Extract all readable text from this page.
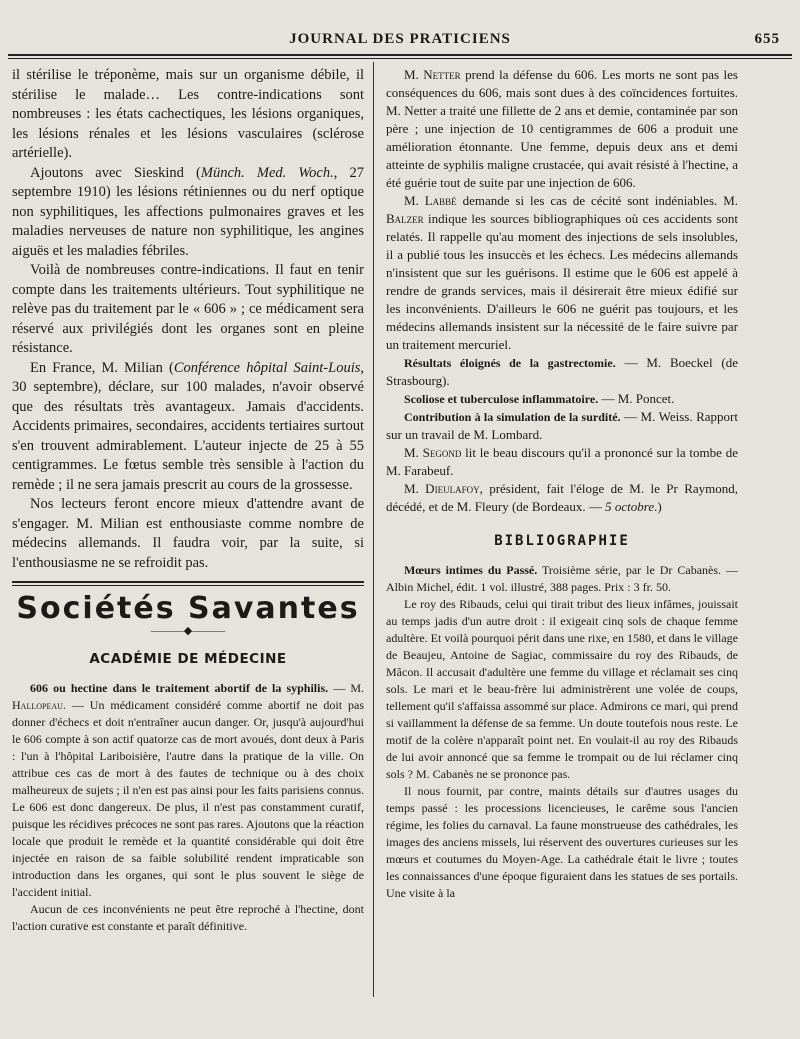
JOURNAL DES PRATICIENS	655

il stérilise le tréponème, mais sur un organisme débile, il stérilise le malade… Les contre-indications sont nombreuses : les états cachectiques, les lésions organiques, les lésions rénales et les lésions vasculaires (sclérose artérielle).

Ajoutons avec Sieskind (Münch. Med. Woch., 27 septembre 1910) les lésions rétiniennes ou du nerf optique non syphilitiques, les affections pulmonaires graves et les maladies nerveuses de nature non syphilitique, les angines aiguës et les maladies fébriles.

Voilà de nombreuses contre-indications. Il faut en tenir compte dans les traitements ultérieurs. Tout syphilitique ne relève pas du traitement par le « 606 » ; ce médicament sera réservé aux privilégiés dont les organes sont en pleine résistance.

En France, M. Milian (Conférence hôpital Saint-Louis, 30 septembre), déclare, sur 100 malades, n'avoir observé que des résultats très avantageux. Jamais d'accidents. Accidents primaires, secondaires, accidents tertiaires surtout s'en trouvent admirablement. L'auteur injecte de 25 à 55 centigrammes. Le fœtus semble très sensible à l'action du remède ; il ne sera jamais prescrit au cours de la grossesse.

Nos lecteurs feront encore mieux d'attendre avant de s'engager. M. Milian est enthousiaste comme nombre de médecins allemands. Il faudra voir, par la suite, si l'enthousiasme ne se refroidit pas.

Sociétés Savantes
———◆———
ACADÉMIE DE MÉDECINE

606 ou hectine dans le traitement abortif de la syphilis. — M. Hallopeau. — Un médicament considéré comme abortif ne doit pas donner d'échecs et doit n'entraîner aucun danger. Or, jusqu'à aujourd'hui le 606 compte à son actif quatorze cas de mort avoués, dont deux à Paris : l'un à l'hôpital Lariboisière, l'autre dans la pratique de la ville. On attribue ces cas de mort à des fautes de technique ou à des choix malheureux de sujets ; il n'en est pas ainsi pour les faits parisiens connus. Le 606 est donc dangereux. De plus, il n'est pas constamment curatif, puisque les récidives précoces ne sont pas rares. Ajoutons que la réaction locale que produit le remède et la quantité considérable qui doit être injectée en raison de sa faible solubilité rendent impraticable son introduction dans les organes, qui sont le plus souvent le siège de l'accident initial.

Aucun de ces inconvénients ne peut être reproché à l'hectine, dont l'action curative est constante et paraît définitive.

M. Netter prend la défense du 606. Les morts ne sont pas les conséquences du 606, mais sont dues à des coïncidences fortuites. M. Netter a traité une fillette de 2 ans et demie, contaminée par son père ; une injection de 10 centigrammes de 606 a produit une amélioration étonnante. Une femme, depuis deux ans et demi atteinte de syphilis maligne crustacée, qui avait résisté à l'hectine, a été guérie tout de suite par une injection de 606.

M. Labbé demande si les cas de cécité sont indéniables. M. Balzer indique les sources bibliographiques où ces accidents sont relatés. Il rappelle qu'au moment des injections de sels insolubles, il a publié tous les insuccès et les échecs. Les médecins allemands n'insistent que sur les guérisons. Il estime que le 606 est appelé à rendre de grands services, mais il désirerait être mieux édifié sur les inconvénients. D'ailleurs le 606 ne guérit pas toujours, et les médecins allemands insistent sur la nécessité de le faire suivre par un traitement mercuriel.

Résultats éloignés de la gastrectomie. — M. Boeckel (de Strasbourg).

Scoliose et tuberculose inflammatoire. — M. Poncet.

Contribution à la simulation de la surdité. — M. Weiss. Rapport sur un travail de M. Lombard.

M. Segond lit le beau discours qu'il a prononcé sur la tombe de M. Farabeuf.

M. Dieulafoy, président, fait l'éloge de M. le Pr Raymond, décédé, et de M. Fleury (de Bordeaux. — 5 octobre.)

BIBLIOGRAPHIE

Mœurs intimes du Passé. Troisième série, par le Dr Cabanès. — Albin Michel, édit. 1 vol. illustré, 388 pages. Prix : 3 fr. 50.

Le roy des Ribauds, celui qui tirait tribut des lieux infâmes, jouissait au temps jadis d'un autre droit : il exigeait cinq sols de chaque femme adultère. Et voilà pourquoi périt dans une rixe, en 1580, et dans le village de Beaujeu, Antoine de Sagiac, commissaire du roy des Ribauds, de Mâcon. Il accusait d'adultère une femme du village et réclamait ses cinq sols. Le mari et le beau-frère lui administrèrent une volée de coups, tellement qu'il s'affaissa assommé sur place. Admirons ce mari, qui prend si vaillamment la défense de sa femme. Un doute toutefois nous reste. Le motif de la colère n'apparaît point net. En voulait-il au roy des Ribauds de lui avoir annoncé que sa femme le trompait ou de lui réclamer cinq sols ? M. Cabanès ne se prononce pas.

Il nous fournit, par contre, maints détails sur d'autres usages du temps passé : les processions licencieuses, le carême sous l'ancien régime, les folies du carnaval. La faune monstrueuse des cathédrales, les images des anciens missels, lui réservent des ouvertures curieuses sur les mœurs et coutumes du Moyen-Age. La cathédrale était le livre ; toutes les connaissances d'une époque figuraient dans les statues de ses portails. Une visite à la
